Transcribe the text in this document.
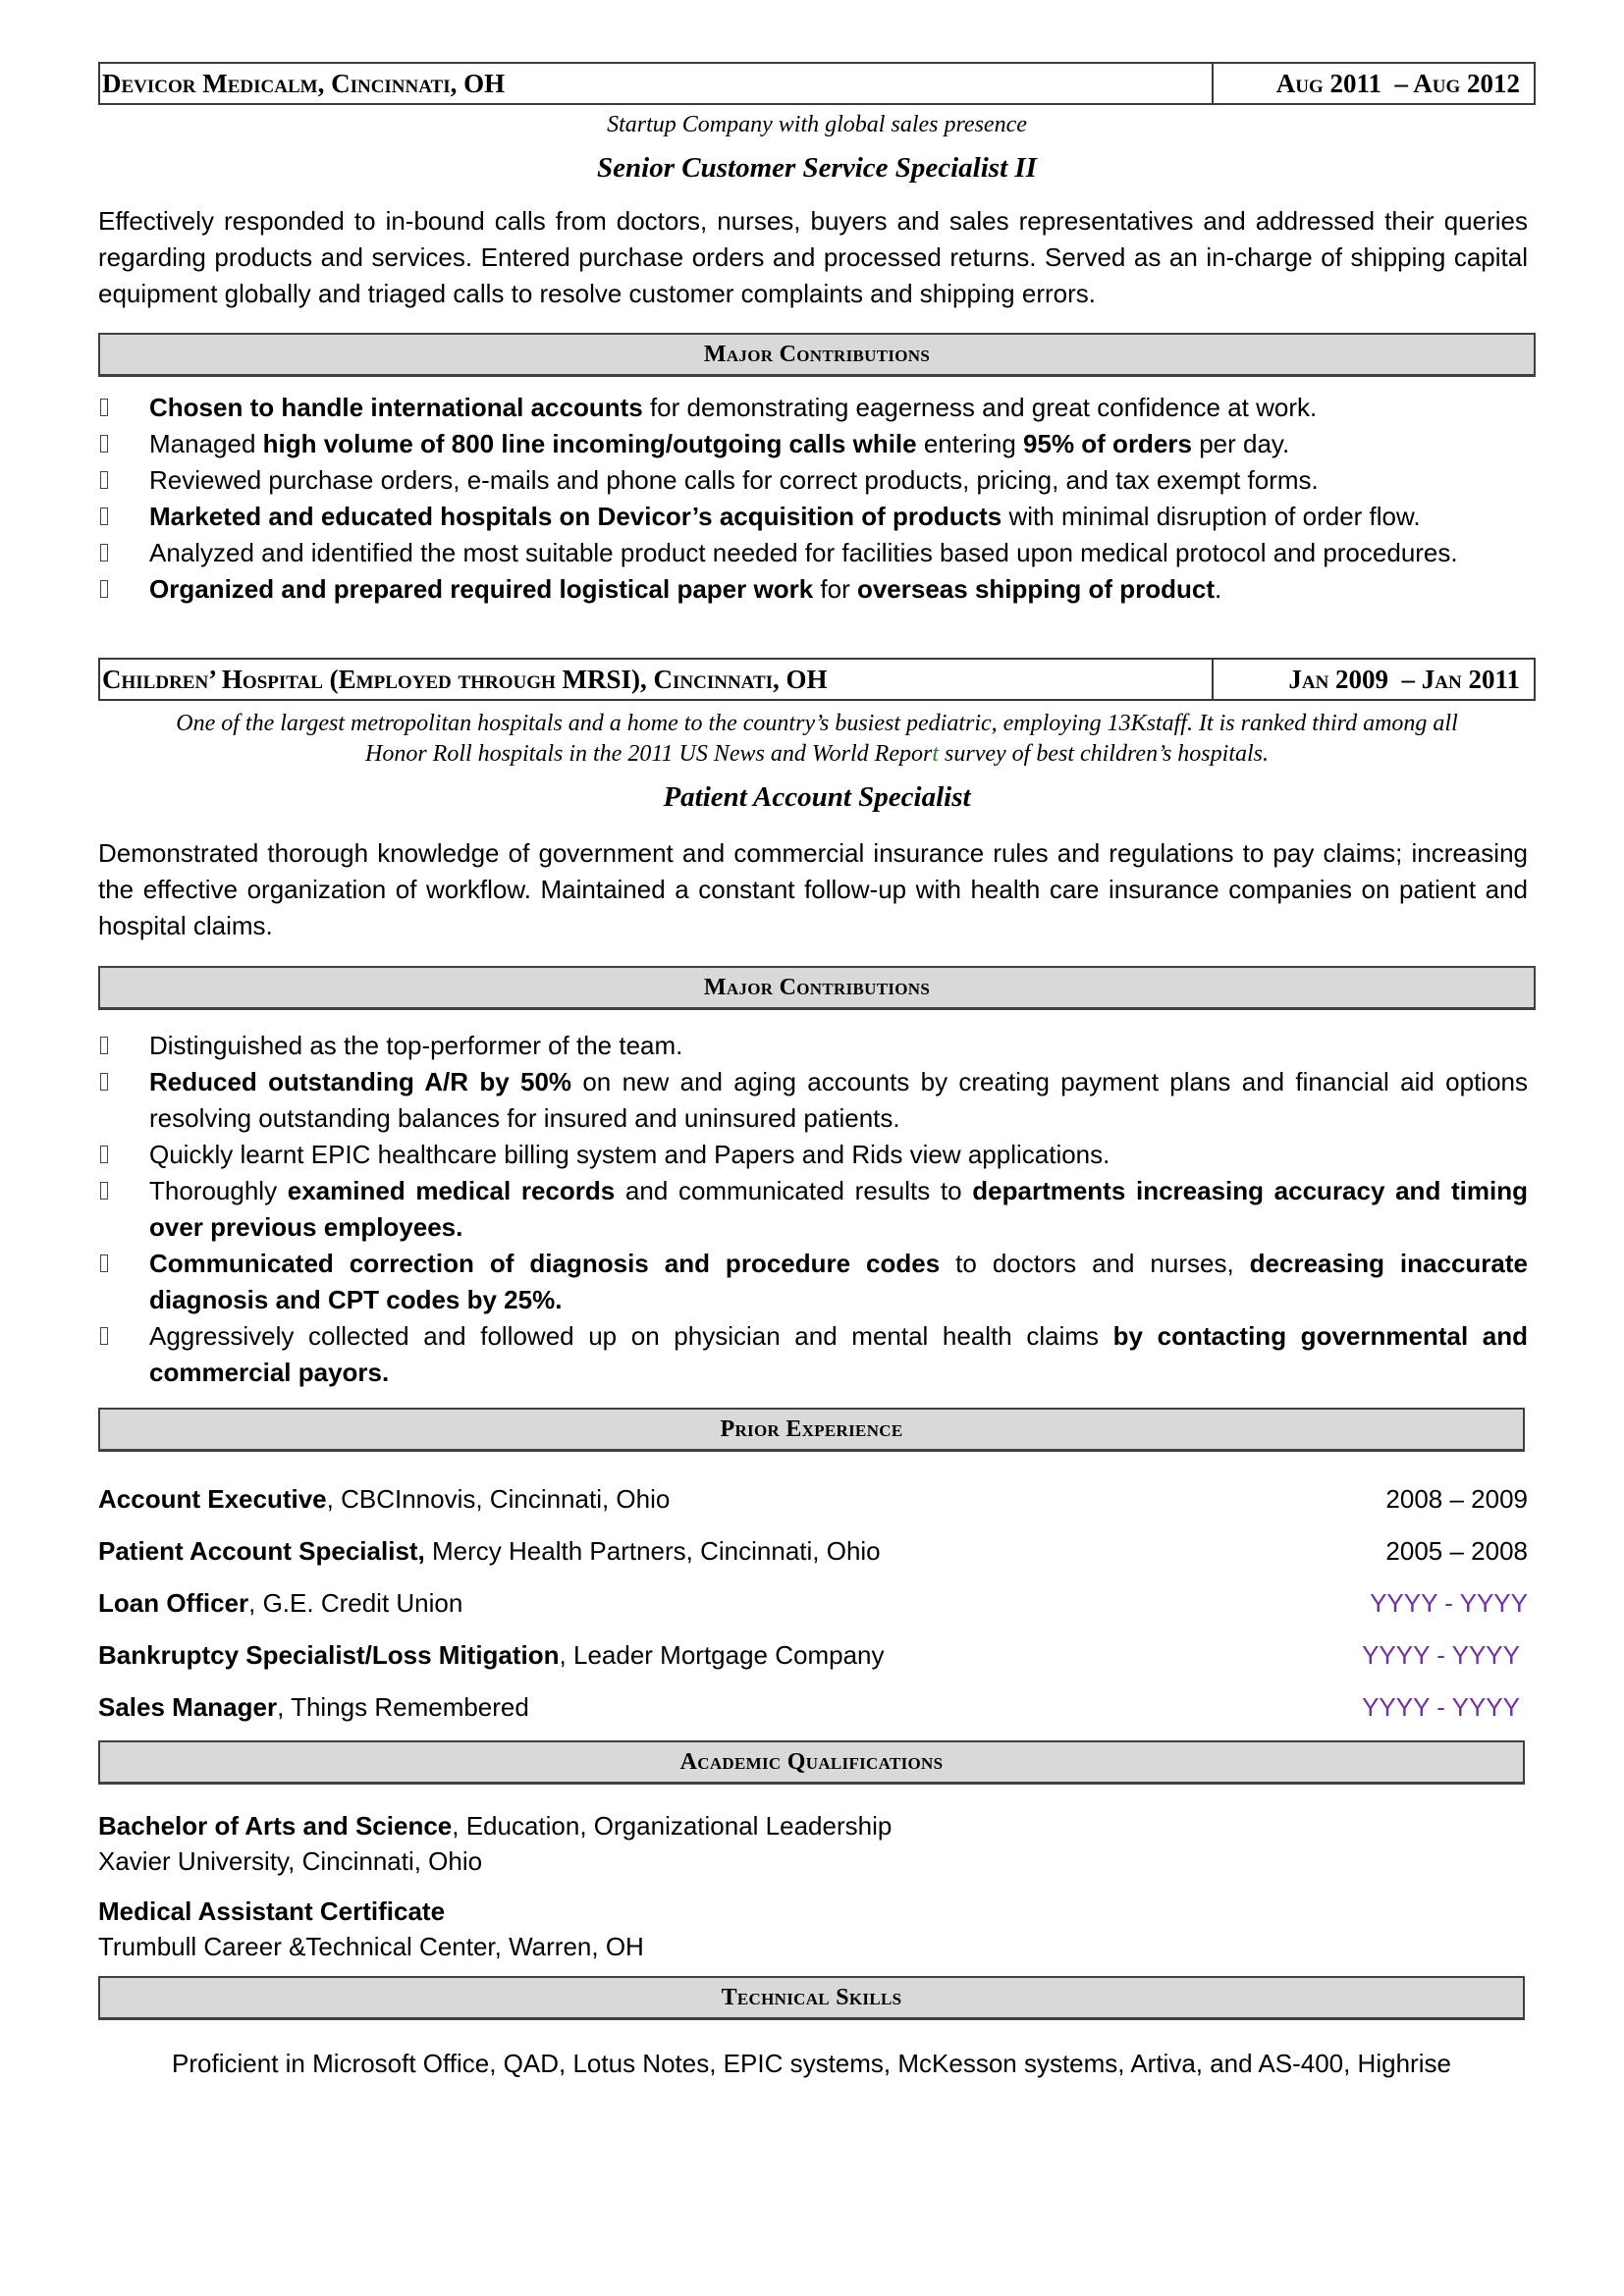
Devicor Medicalm, Cincinnati, OH	Aug 2011  – Aug 2012
Startup Company with global sales presence
Senior Customer Service Specialist II
Effectively responded to in-bound calls from doctors, nurses, buyers and sales representatives and addressed their queries regarding products and services. Entered purchase orders and processed returns. Served as an in-charge of shipping capital equipment globally and triaged calls to resolve customer complaints and shipping errors.
Major Contributions
Chosen to handle international accounts for demonstrating eagerness and great confidence at work.
Managed high volume of 800 line incoming/outgoing calls while entering 95% of orders per day.
Reviewed purchase orders, e-mails and phone calls for correct products, pricing, and tax exempt forms.
Marketed and educated hospitals on Devicor’s acquisition of products with minimal disruption of order flow.
Analyzed and identified the most suitable product needed for facilities based upon medical protocol and procedures.
Organized and prepared required logistical paper work for overseas shipping of product.
Children’ Hospital (Employed through MRSI), Cincinnati, OH	Jan 2009  – Jan 2011
One of the largest metropolitan hospitals and a home to the country’s busiest pediatric, employing 13Kstaff. It is ranked third among all
Honor Roll hospitals in the 2011 US News and World Report survey of best children’s hospitals.
Patient Account Specialist
Demonstrated thorough knowledge of government and commercial insurance rules and regulations to pay claims; increasing the effective organization of workflow. Maintained a constant follow-up with health care insurance companies on patient and hospital claims.
Major Contributions
Distinguished as the top-performer of the team.
Reduced outstanding A/R by 50% on new and aging accounts by creating payment plans and financial aid options resolving outstanding balances for insured and uninsured patients.
Quickly learnt EPIC healthcare billing system and Papers and Rids view applications.
Thoroughly examined medical records and communicated results to departments increasing accuracy and timing over previous employees.
Communicated correction of diagnosis and procedure codes to doctors and nurses, decreasing inaccurate diagnosis and CPT codes by 25%.
Aggressively collected and followed up on physician and mental health claims by contacting governmental and commercial payors.
Prior Experience
Account Executive, CBCInnovis, Cincinnati, Ohio	2008 – 2009
Patient Account Specialist, Mercy Health Partners, Cincinnati, Ohio	2005 – 2008
Loan Officer, G.E. Credit Union	YYYY - YYYY
Bankruptcy Specialist/Loss Mitigation, Leader Mortgage Company	YYYY - YYYY
Sales Manager, Things Remembered	YYYY - YYYY
Academic Qualifications
Bachelor of Arts and Science, Education, Organizational Leadership
Xavier University, Cincinnati, Ohio
Medical Assistant Certificate
Trumbull Career &Technical Center, Warren, OH
Technical Skills
Proficient in Microsoft Office, QAD, Lotus Notes, EPIC systems, McKesson systems, Artiva, and AS-400, Highrise
